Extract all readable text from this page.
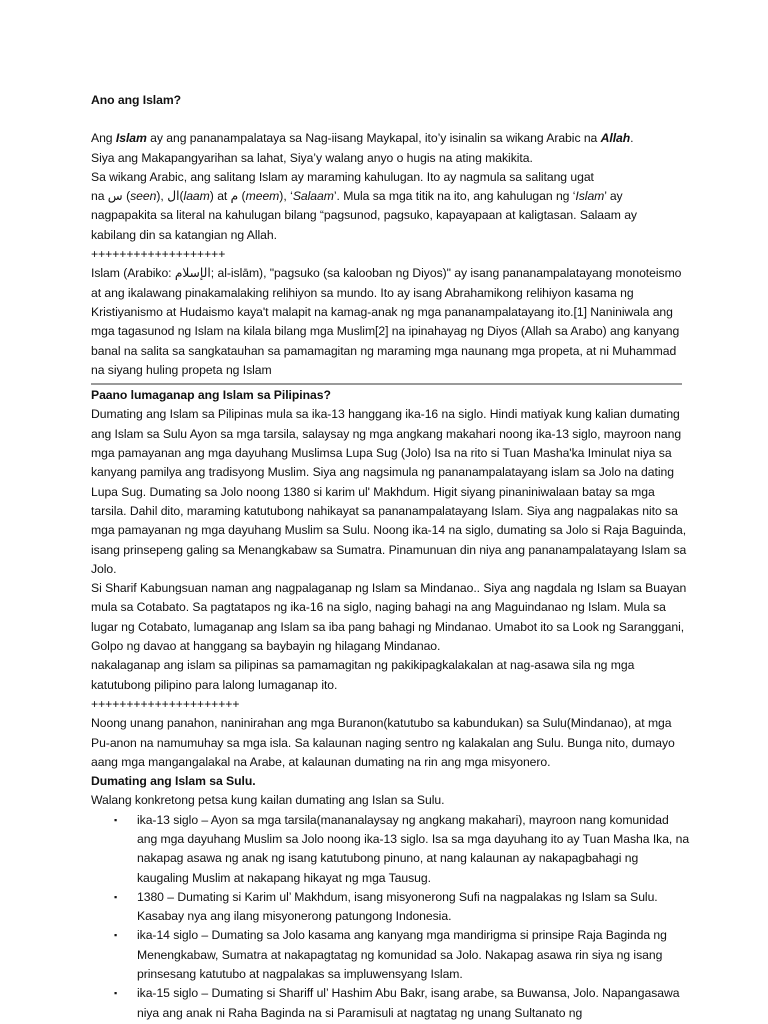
Ano ang Islam?

Ang Islam ay ang pananampalataya sa Nag-iisang Maykapal, ito’y isinalin sa wikang Arabic na Allah.

Siya ang Makapangyarihan sa lahat, Siya’y walang anyo o hugis na ating makikita.

Sa wikang Arabic, ang salitang Islam ay maraming kahulugan. Ito ay nagmula sa salitang ugat

na س (seen), ال(laam) at م (meem), ‘Salaam’. Mula sa mga titik na ito, ang kahulugan ng ‘Islam’ ay

nagpapakita sa literal na kahulugan bilang “pagsunod, pagsuko, kapayapaan at kaligtasan. Salaam ay

kabilang din sa katangian ng Allah.

+++++++++++++++++++

Islam (Arabiko: الإسلام; al-islām), "pagsuko (sa kalooban ng Diyos)" ay isang pananampalatayang monoteismo at ang ikalawang pinakamalaking relihiyon sa mundo. Ito ay isang Abrahamikong relihiyon kasama ng Kristiyanismo at Hudaismo kaya't malapit na kamag-anak ng mga pananampalatayang ito.[1] Naniniwala ang mga tagasunod ng Islam na kilala bilang mga Muslim[2] na ipinahayag ng Diyos (Allah sa Arabo) ang kanyang banal na salita sa sangkatauhan sa pamamagitan ng maraming mga naunang mga propeta, at ni Muhammad na siyang huling propeta ng Islam

Paano lumaganap ang Islam sa Pilipinas?

Dumating ang Islam sa Pilipinas mula sa ika-13 hanggang ika-16 na siglo. Hindi matiyak kung kalian dumating ang Islam sa Sulu Ayon sa mga tarsila, salaysay ng mga angkang makahari noong ika-13 siglo, mayroon nang mga pamayanan ang mga dayuhang Muslimsa Lupa Sug (Jolo) Isa na rito si Tuan Masha'ka Iminulat niya sa kanyang pamilya ang tradisyong Muslim. Siya ang nagsimula ng pananampalatayang islam sa Jolo na dating Lupa Sug. Dumating sa Jolo noong 1380 si karim ul' Makhdum. Higit siyang pinaniniwalaan batay sa mga tarsila. Dahil dito, maraming katutubong nahikayat sa pananampalatayang Islam. Siya ang nagpalakas nito sa mga pamayanan ng mga dayuhang Muslim sa Sulu. Noong ika-14 na siglo, dumating sa Jolo si Raja Baguinda, isang prinsepeng galing sa Menangkabaw sa Sumatra. Pinamunuan din niya ang pananampalatayang Islam sa Jolo.

Si Sharif Kabungsuan naman ang nagpalaganap ng Islam sa Mindanao.. Siya ang nagdala ng Islam sa Buayan mula sa Cotabato. Sa pagtatapos ng ika-16 na siglo, naging bahagi na ang Maguindanao ng Islam. Mula sa lugar ng Cotabato, lumaganap ang Islam sa iba pang bahagi ng Mindanao. Umabot ito sa Look ng Saranggani, Golpo ng davao at hanggang sa baybayin ng hilagang Mindanao.

nakalaganap ang islam sa pilipinas sa pamamagitan ng pakikipagkalakalan at nag-asawa sila ng mga katutubong pilipino para lalong lumaganap ito.

+++++++++++++++++++++

Noong unang panahon, naninirahan ang mga Buranon(katutubo sa kabundukan) sa Sulu(Mindanao), at mga Pu-anon na namumuhay sa mga isla. Sa kalaunan naging sentro ng kalakalan ang Sulu. Bunga nito, dumayo aang mga mangangalakal na Arabe, at kalaunan dumating na rin ang mga misyonero.

Dumating ang Islam sa Sulu.

Walang konkretong petsa kung kailan dumating ang Islan sa Sulu.

▪ ika-13 siglo – Ayon sa mga tarsila(mananalaysay ng angkang makahari), mayroon nang komunidad ang mga dayuhang Muslim sa Jolo noong ika-13 siglo. Isa sa mga dayuhang ito ay Tuan Masha Ika, na nakapag asawa ng anak ng isang katutubong pinuno, at nang kalaunan ay nakapagbahagi ng kaugaling Muslim at nakapang hikayat ng mga Tausug.
▪ 1380 – Dumating si Karim ul’ Makhdum, isang misyonerong Sufi na nagpalakas ng Islam sa Sulu. Kasabay nya ang ilang misyonerong patungong Indonesia.
▪ ika-14 siglo – Dumating sa Jolo kasama ang kanyang mga mandirigma si prinsipe Raja Baginda ng Menengkabaw, Sumatra at nakapagtatag ng komunidad sa Jolo. Nakapag asawa rin siya ng isang prinsesang katutubo at nagpalakas sa impluwensyang Islam.
▪ ika-15 siglo – Dumating si Shariff ul’ Hashim Abu Bakr, isang arabe, sa Buwansa, Jolo. Napangasawa niya ang anak ni Raha Baginda na si Paramisuli at nagtatag ng unang Sultanato ng
